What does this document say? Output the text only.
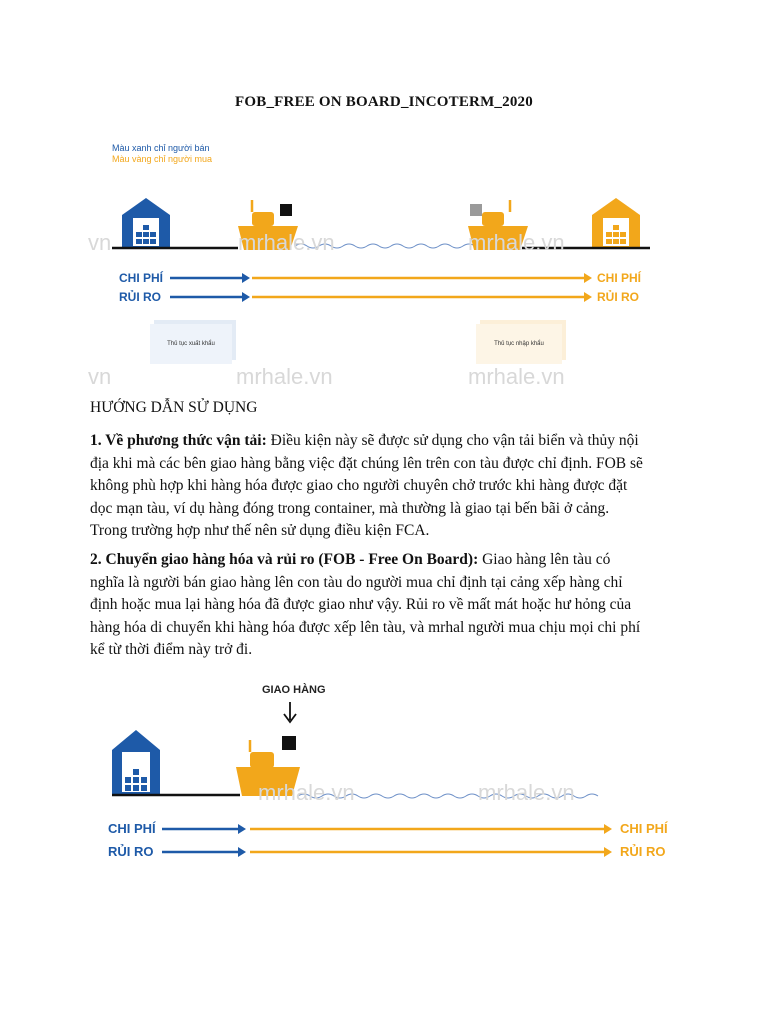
FOB_FREE ON BOARD_INCOTERM_2020
Màu xanh chỉ người bán
Màu vàng chỉ người mua
CHI PHÍ
RỦI RO
CHI PHÍ
RỦI RO
Thủ tục xuất khẩu	Thủ tục nhập khẩu
vn	mrhale.vn	mrhale.vn
vn	mrhale.vn	mrhale.vn
HƯỚNG DẪN SỬ DỤNG
1. Về phương thức vận tải: Điều kiện này sẽ được sử dụng cho vận tải biển và thủy nội
địa khi mà các bên giao hàng bằng việc đặt chúng lên trên con tàu được chỉ định. FOB sẽ
không phù hợp khi hàng hóa được giao cho người chuyên chở trước khi hàng được đặt
dọc mạn tàu, ví dụ hàng đóng trong container, mà thường là giao tại bến bãi ở cảng.
Trong trường hợp như thế nên sử dụng điều kiện FCA.
2. Chuyển giao hàng hóa và rủi ro (FOB - Free On Board): Giao hàng lên tàu có
nghĩa là người bán giao hàng lên con tàu do người mua chỉ định tại cảng xếp hàng chỉ
định hoặc mua lại hàng hóa đã được giao như vậy. Rủi ro về mất mát hoặc hư hỏng của
hàng hóa di chuyển khi hàng hóa được xếp lên tàu, và mrhal người mua chịu mọi chi phí
kể từ thời điểm này trở đi.
GIAO HÀNG
CHI PHÍ
RỦI RO
CHI PHÍ
RỦI RO
mrhale.vn	mrhale.vn
